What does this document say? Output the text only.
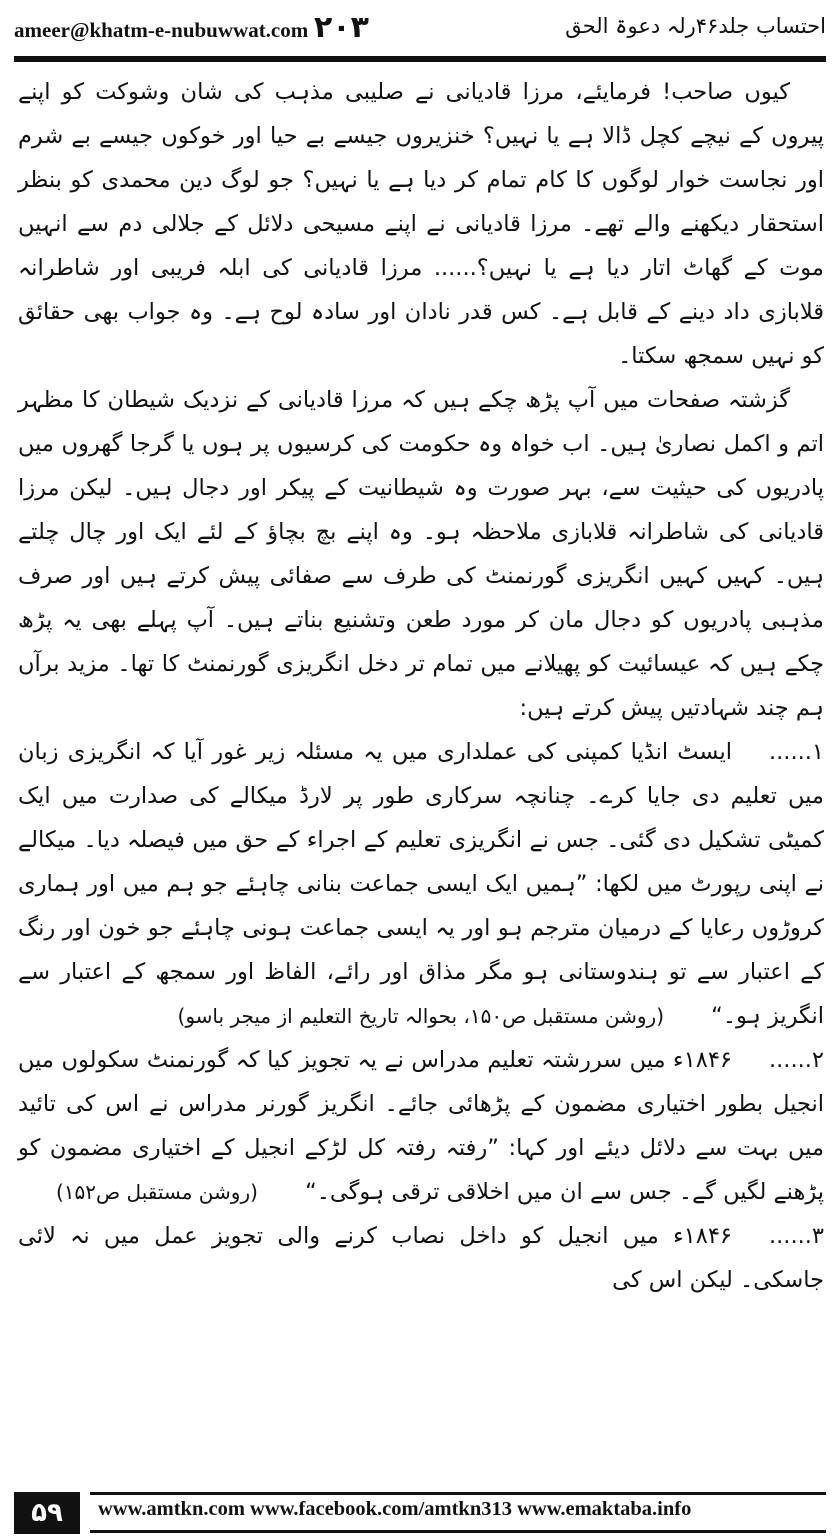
ameer@khatm-e-nubuwwat.com ۲۰۳	احتساب جلد۴۶رلہ دعوۃ الحق

کیوں صاحب! فرمایئے، مرزا قادیانی نے صلیبی مذہب کی شان وشوکت کو اپنے پیروں کے نیچے کچل ڈالا ہے یا نہیں؟ خنزیروں جیسے بے حیا اور خوکوں جیسے بے شرم اور نجاست خوار لوگوں کا کام تمام کر دیا ہے یا نہیں؟ جو لوگ دین محمدی کو بنظر استحقار دیکھنے والے تھے۔ مرزا قادیانی نے اپنے مسیحی دلائل کے جلالی دم سے انہیں موت کے گھاٹ اتار دیا ہے یا نہیں؟...... مرزا قادیانی کی ابلہ فریبی اور شاطرانہ قلابازی داد دینے کے قابل ہے۔ کس قدر نادان اور سادہ لوح ہے۔ وہ جواب بھی حقائق کو نہیں سمجھ سکتا۔

گزشتہ صفحات میں آپ پڑھ چکے ہیں کہ مرزا قادیانی کے نزدیک شیطان کا مظہر اتم و اکمل نصاریٰ ہیں۔ اب خواہ وہ حکومت کی کرسیوں پر ہوں یا گرجا گھروں میں پادریوں کی حیثیت سے، بہر صورت وہ شیطانیت کے پیکر اور دجال ہیں۔ لیکن مرزا قادیانی کی شاطرانہ قلابازی ملاحظہ ہو۔ وہ اپنے بچ بچاؤ کے لئے ایک اور چال چلتے ہیں۔ کہیں کہیں انگریزی گورنمنٹ کی طرف سے صفائی پیش کرتے ہیں اور صرف مذہبی پادریوں کو دجال مان کر مورد طعن وتشنیع بناتے ہیں۔ آپ پہلے بھی یہ پڑھ چکے ہیں کہ عیسائیت کو پھیلانے میں تمام تر دخل انگریزی گورنمنٹ کا تھا۔ مزید برآں ہم چند شہادتیں پیش کرتے ہیں:

۱......ایسٹ انڈیا کمپنی کی عملداری میں یہ مسئلہ زیر غور آیا کہ انگریزی زبان میں تعلیم دی جایا کرے۔ چنانچہ سرکاری طور پر لارڈ میکالے کی صدارت میں ایک کمیٹی تشکیل دی گئی۔ جس نے انگریزی تعلیم کے اجراء کے حق میں فیصلہ دیا۔ میکالے نے اپنی رپورٹ میں لکھا: ”ہمیں ایک ایسی جماعت بنانی چاہئے جو ہم میں اور ہماری کروڑوں رعایا کے درمیان مترجم ہو اور یہ ایسی جماعت ہونی چاہئے جو خون اور رنگ کے اعتبار سے تو ہندوستانی ہو مگر مذاق اور رائے، الفاظ اور سمجھ کے اعتبار سے انگریز ہو۔“ (روشن مستقبل ص۱۵۰، بحوالہ تاریخ التعلیم از میجر باسو)

۲......۱۸۴۶ء میں سررشتہ تعلیم مدراس نے یہ تجویز کیا کہ گورنمنٹ سکولوں میں انجیل بطور اختیاری مضمون کے پڑھائی جائے۔ انگریز گورنر مدراس نے اس کی تائید میں بہت سے دلائل دیئے اور کہا: ”رفتہ رفتہ کل لڑکے انجیل کے اختیاری مضمون کو پڑھنے لگیں گے۔ جس سے ان میں اخلاقی ترقی ہوگی۔“ (روشن مستقبل ص۱۵۲)

۳......۱۸۴۶ء میں انجیل کو داخل نصاب کرنے والی تجویز عمل میں نہ لائی جاسکی۔ لیکن اس کی

۵۹	www.amtkn.com www.facebook.com/amtkn313 www.emaktaba.info
